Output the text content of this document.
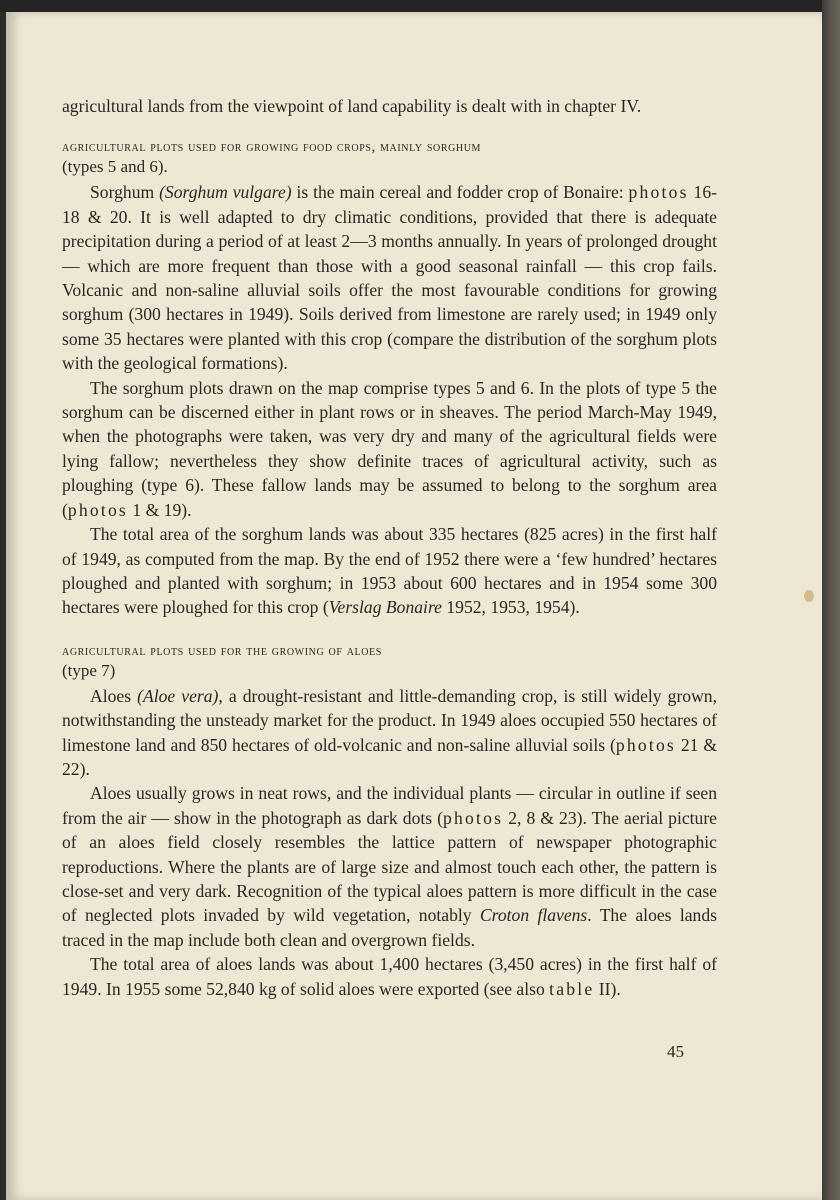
agricultural lands from the viewpoint of land capability is dealt with in chapter IV.

agricultural plots used for growing food crops, mainly sorghum

(types 5 and 6).

Sorghum (Sorghum vulgare) is the main cereal and fodder crop of Bonaire: photos 16-18 & 20. It is well adapted to dry climatic conditions, provided that there is adequate precipitation during a period of at least 2—3 months annually. In years of prolonged drought — which are more frequent than those with a good seasonal rainfall — this crop fails. Volcanic and non-saline alluvial soils offer the most favourable conditions for growing sorghum (300 hectares in 1949). Soils derived from limestone are rarely used; in 1949 only some 35 hectares were planted with this crop (compare the distribution of the sorghum plots with the geological formations).

The sorghum plots drawn on the map comprise types 5 and 6. In the plots of type 5 the sorghum can be discerned either in plant rows or in sheaves. The period March-May 1949, when the photographs were taken, was very dry and many of the agricultural fields were lying fallow; nevertheless they show definite traces of agricultural activity, such as ploughing (type 6). These fallow lands may be assumed to belong to the sorghum area (photos 1 & 19).

The total area of the sorghum lands was about 335 hectares (825 acres) in the first half of 1949, as computed from the map. By the end of 1952 there were a ‘few hundred’ hectares ploughed and planted with sorghum; in 1953 about 600 hectares and in 1954 some 300 hectares were ploughed for this crop (Verslag Bonaire 1952, 1953, 1954).

agricultural plots used for the growing of aloes

(type 7)

Aloes (Aloe vera), a drought-resistant and little-demanding crop, is still widely grown, notwithstanding the unsteady market for the product. In 1949 aloes occupied 550 hectares of limestone land and 850 hectares of old-volcanic and non-saline alluvial soils (photos 21 & 22).

Aloes usually grows in neat rows, and the individual plants — circular in outline if seen from the air — show in the photograph as dark dots (photos 2, 8 & 23). The aerial picture of an aloes field closely resembles the lattice pattern of newspaper photographic reproductions. Where the plants are of large size and almost touch each other, the pattern is close-set and very dark. Recognition of the typical aloes pattern is more difficult in the case of neglected plots invaded by wild vegetation, notably Croton flavens. The aloes lands traced in the map include both clean and overgrown fields.

The total area of aloes lands was about 1,400 hectares (3,450 acres) in the first half of 1949. In 1955 some 52,840 kg of solid aloes were exported (see also table II).

45
